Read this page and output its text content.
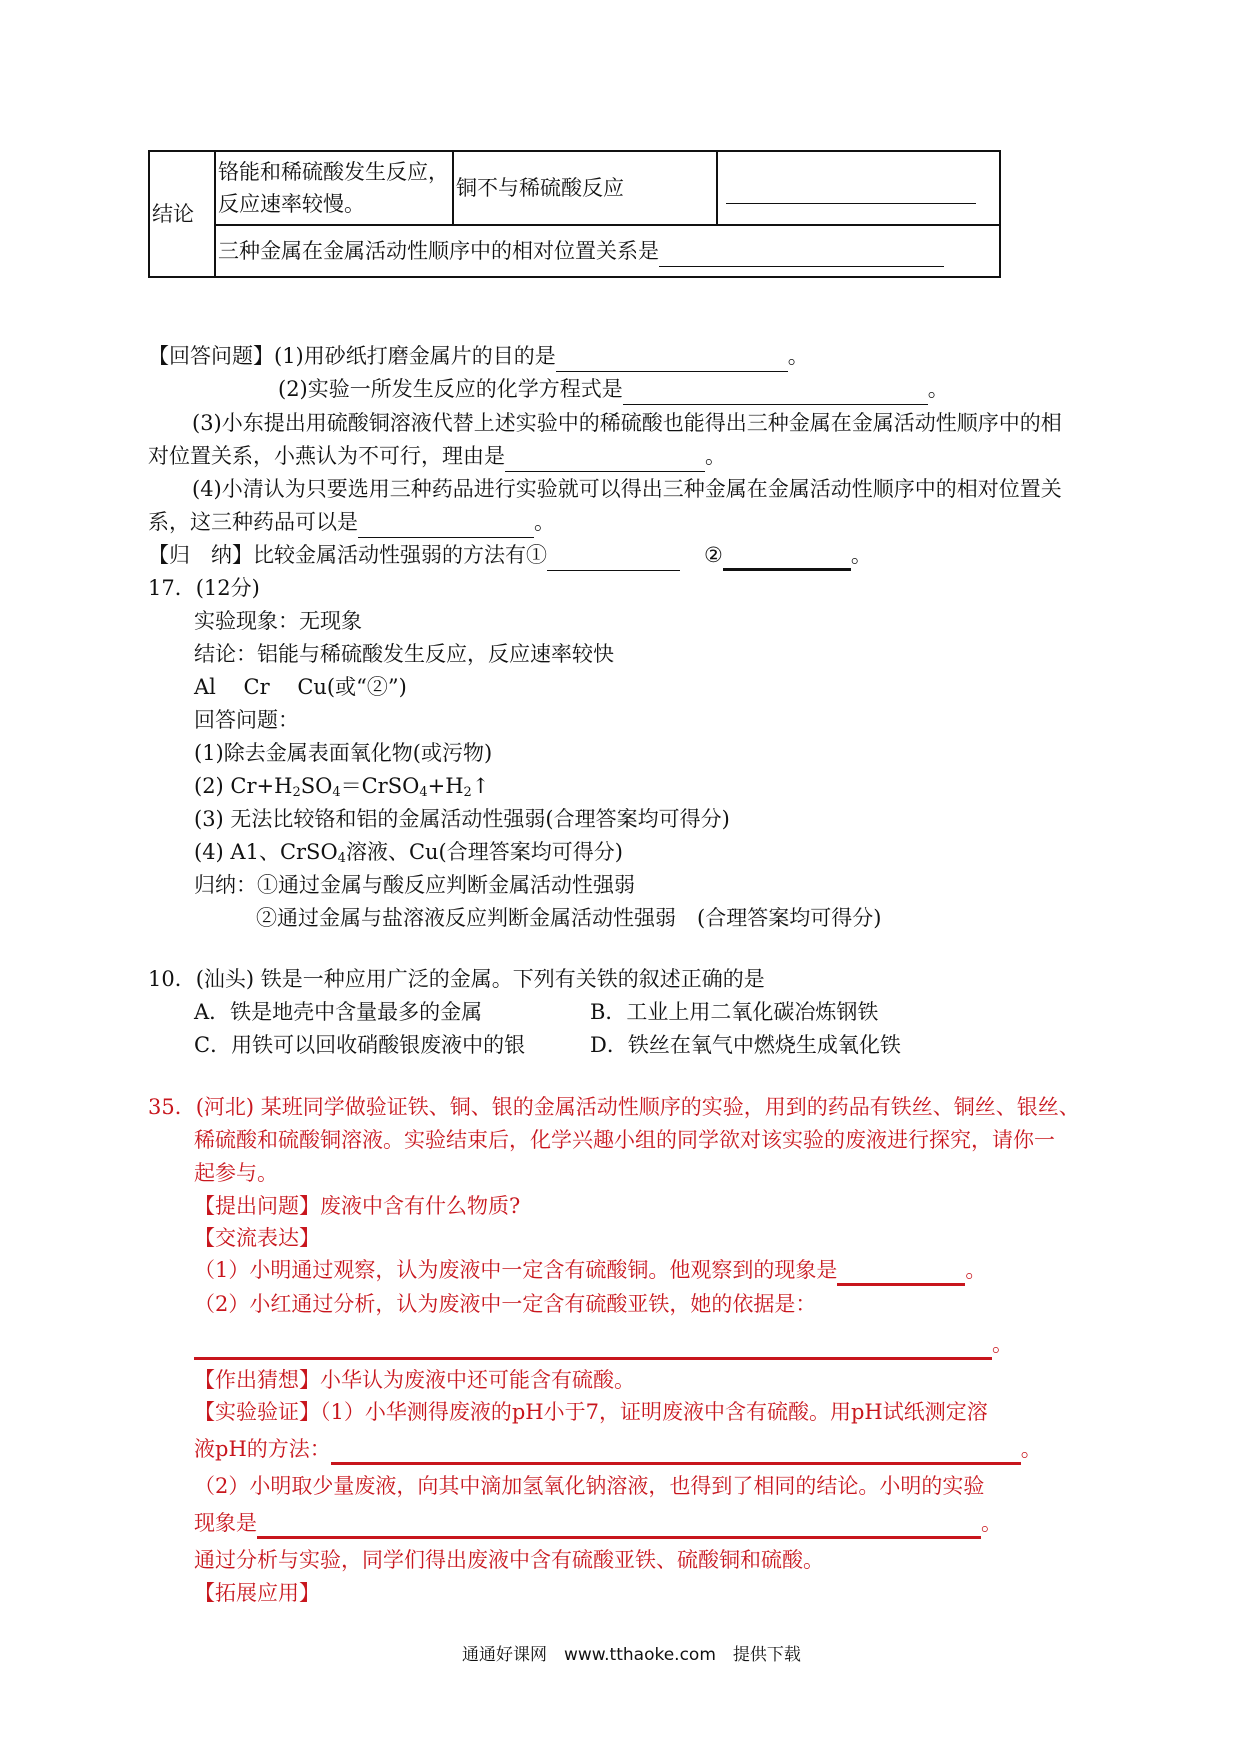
结论	铬能和稀硫酸发生反应，反应速率较慢。	铜不与稀硫酸反应	
三种金属在金属活动性顺序中的相对位置关系是
【回答问题】(1)用砂纸打磨金属片的目的是	。
(2)实验一所发生反应的化学方程式是	。
(3)小东提出用硫酸铜溶液代替上述实验中的稀硫酸也能得出三种金属在金属活动性顺序中的相
对位置关系，小燕认为不可行，理由是	。
(4)小清认为只要选用三种药品进行实验就可以得出三种金属在金属活动性顺序中的相对位置关
系，这三种药品可以是	。
【归　纳】比较金属活动性强弱的方法有①	②	。
17．(12分)
实验现象：无现象
结论：铝能与稀硫酸发生反应，反应速率较快
Al　 Cr　 Cu(或“②”)
回答问题：
(1)除去金属表面氧化物(或污物)
(2) $Cr+H_2SO_4=CrSO_4+H_2↑$
(3) 无法比较铬和铝的金属活动性强弱(合理答案均可得分)
(4) A1、CrSO$_4$溶液、Cu(合理答案均可得分)
归纳：①通过金属与酸反应判断金属活动性强弱
②通过金属与盐溶液反应判断金属活动性强弱　(合理答案均可得分)
10．(汕头) 铁是一种应用广泛的金属。下列有关铁的叙述正确的是
A．铁是地壳中含量最多的金属	B．工业上用二氧化碳冶炼钢铁
C．用铁可以回收硝酸银废液中的银	D．铁丝在氧气中燃烧生成氧化铁
35．(河北) 某班同学做验证铁、铜、银的金属活动性顺序的实验，用到的药品有铁丝、铜丝、银丝、
稀硫酸和硫酸铜溶液。实验结束后，化学兴趣小组的同学欲对该实验的废液进行探究，请你一
起参与。
【提出问题】废液中含有什么物质?
【交流表达】
（1）小明通过观察，认为废液中一定含有硫酸铜。他观察到的现象是	。
（2）小红通过分析，认为废液中一定含有硫酸亚铁，她的依据是：
。
【作出猜想】小华认为废液中还可能含有硫酸。
【实验验证】（1）小华测得废液的pH小于7，证明废液中含有硫酸。用pH试纸测定溶
液pH的方法：	。
（2）小明取少量废液，向其中滴加氢氧化钠溶液，也得到了相同的结论。小明的实验
现象是	。
通过分析与实验，同学们得出废液中含有硫酸亚铁、硫酸铜和硫酸。
【拓展应用】
通通好课网　www.tthaoke.com　提供下载
